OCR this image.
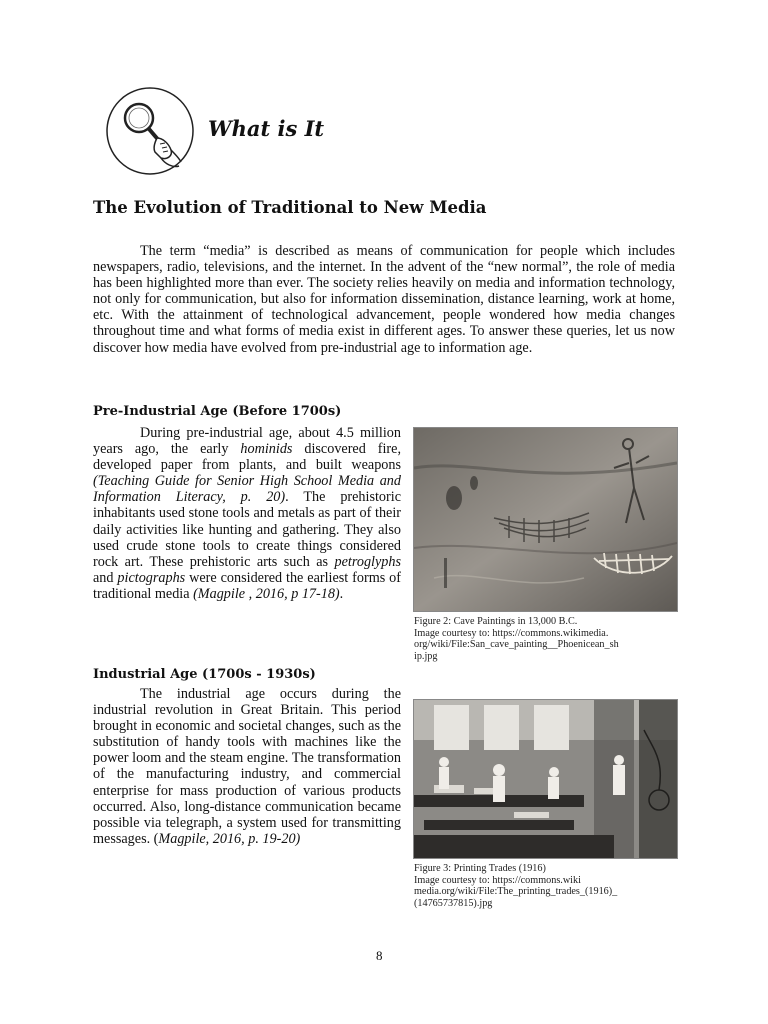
What is It
The Evolution of Traditional to New Media
The term “media” is described as means of communication for people which includes newspapers, radio, televisions, and the internet. In the advent of the “new normal”, the role of media has been highlighted more than ever. The society relies heavily on media and information technology, not only for communication, but also for information dissemination, distance learning, work at home, etc. With the attainment of technological advancement, people wondered how media changes throughout time and what forms of media exist in different ages. To answer these queries, let us now discover how media have evolved from pre-industrial age to information age.
Pre-Industrial Age (Before 1700s)
During pre-industrial age, about 4.5 million years ago, the early hominids discovered fire, developed paper from plants, and built weapons (Teaching Guide for Senior High School Media and Information Literacy, p. 20). The prehistoric inhabitants used stone tools and metals as part of their daily activities like hunting and gathering. They also used crude stone tools to create things considered rock art. These prehistoric arts such as petroglyphs and pictographs were considered the earliest forms of traditional media (Magpile , 2016, p 17-18).
Figure 2: Cave Paintings in 13,000 B.C.
Image courtesy to: https://commons.wikimedia.
org/wiki/File:San_cave_painting__Phoenicean_sh
ip.jpg
Industrial Age (1700s - 1930s)
The industrial age occurs during the industrial revolution in Great Britain. This period brought in economic and societal changes, such as the substitution of handy tools with machines like the power loom and the steam engine. The transformation of the manufacturing industry, and commercial enterprise for mass production of various products occurred. Also, long-distance communication became possible via telegraph, a system used for transmitting messages. (Magpile, 2016, p. 19-20)
Figure 3: Printing Trades (1916)
Image courtesy to: https://commons.wiki
media.org/wiki/File:The_printing_trades_(1916)_
(14765737815).jpg
8
